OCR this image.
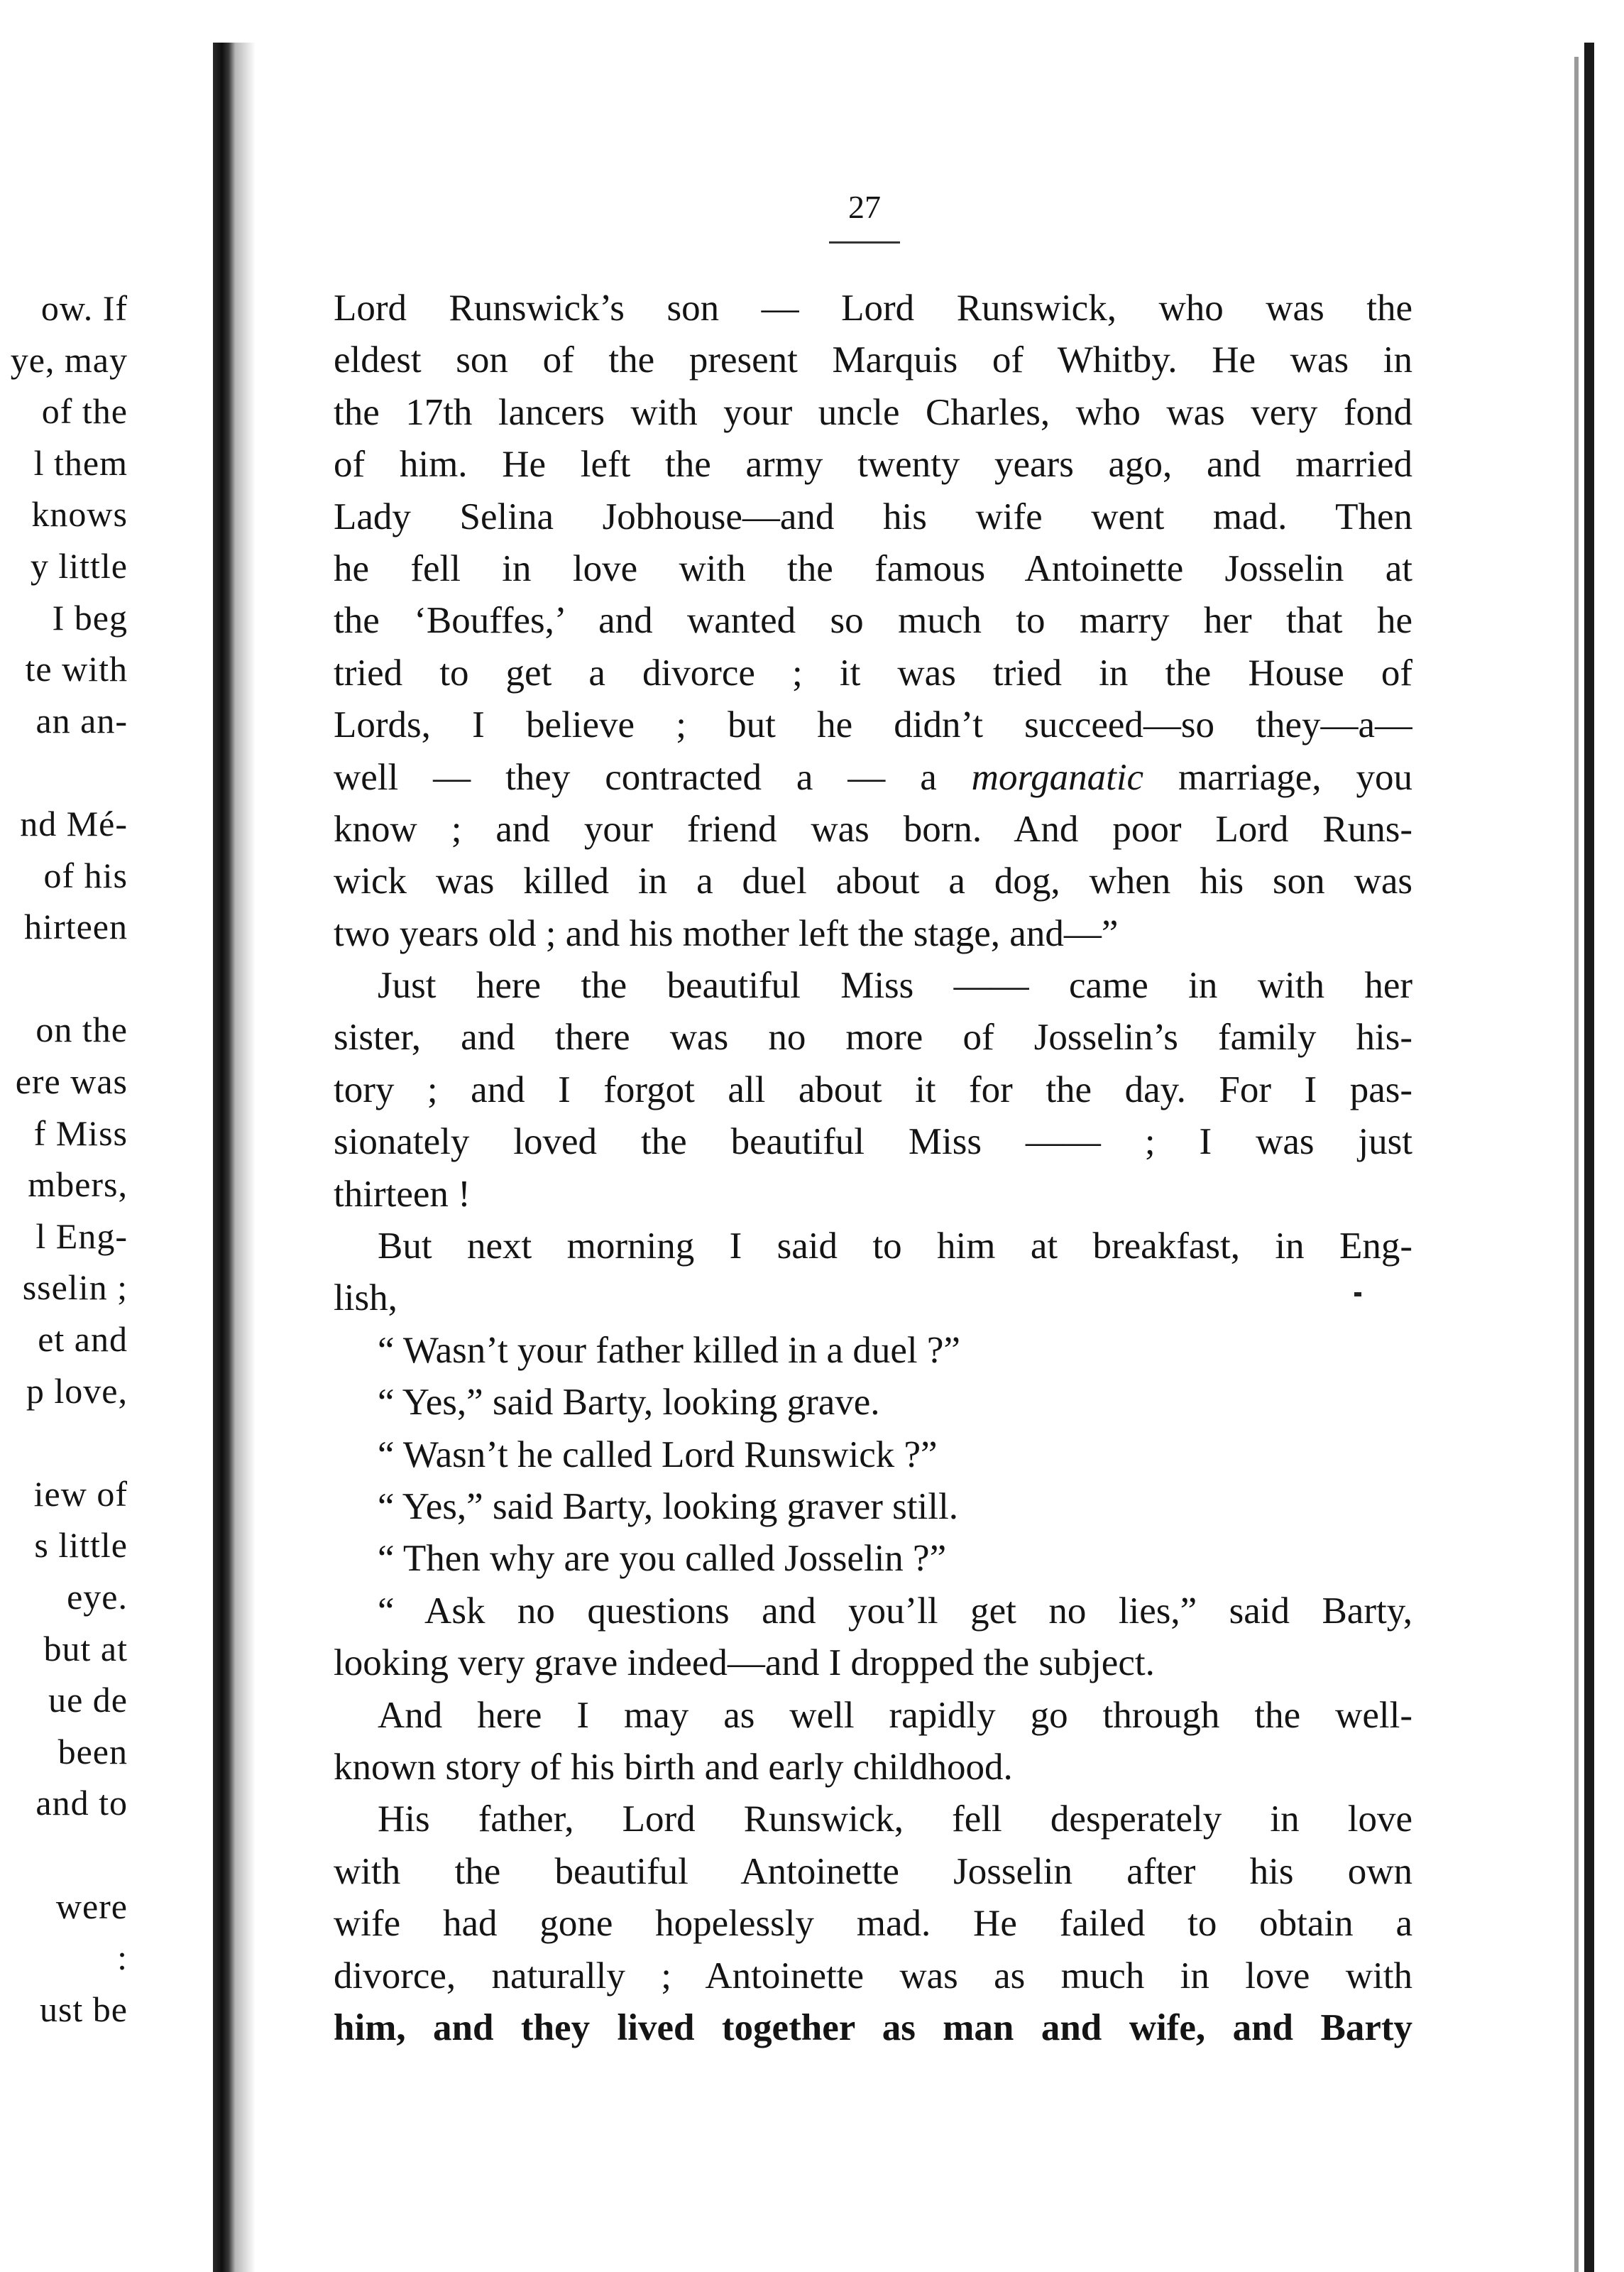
ow. If
ye, may
of the
l them
knows
y little
I beg
te with
an an-
nd Mé-
of his
hirteen
on the
ere was
f Miss
mbers,
l Eng-
sselin ;
et and
p love,
iew of
s little
eye.
but at
ue de
been
and to
were
:
ust be
27
Lord Runswick’s son — Lord Runswick, who was the
eldest son of the present Marquis of Whitby. He was in
the 17th lancers with your uncle Charles, who was very fond
of him. He left the army twenty years ago, and married
Lady Selina Jobhouse—and his wife went mad. Then
he fell in love with the famous Antoinette Josselin at
the ‘Bouffes,’ and wanted so much to marry her that he
tried to get a divorce ; it was tried in the House of
Lords, I believe ; but he didn’t succeed—so they—a—
well — they contracted a — a morganatic marriage, you
know ; and your friend was born. And poor Lord Runs-
wick was killed in a duel about a dog, when his son was
two years old ; and his mother left the stage, and—”
Just here the beautiful Miss —— came in with her
sister, and there was no more of Josselin’s family his-
tory ; and I forgot all about it for the day. For I pas-
sionately loved the beautiful Miss —— ; I was just
thirteen !
But next morning I said to him at breakfast, in Eng-
lish,
“ Wasn’t your father killed in a duel ?”
“ Yes,” said Barty, looking grave.
“ Wasn’t he called Lord Runswick ?”
“ Yes,” said Barty, looking graver still.
“ Then why are you called Josselin ?”
“ Ask no questions and you’ll get no lies,” said Barty,
looking very grave indeed—and I dropped the subject.
And here I may as well rapidly go through the well-
known story of his birth and early childhood.
His father, Lord Runswick, fell desperately in love
with the beautiful Antoinette Josselin after his own
wife had gone hopelessly mad. He failed to obtain a
divorce, naturally ; Antoinette was as much in love with
him, and they lived together as man and wife, and Barty
